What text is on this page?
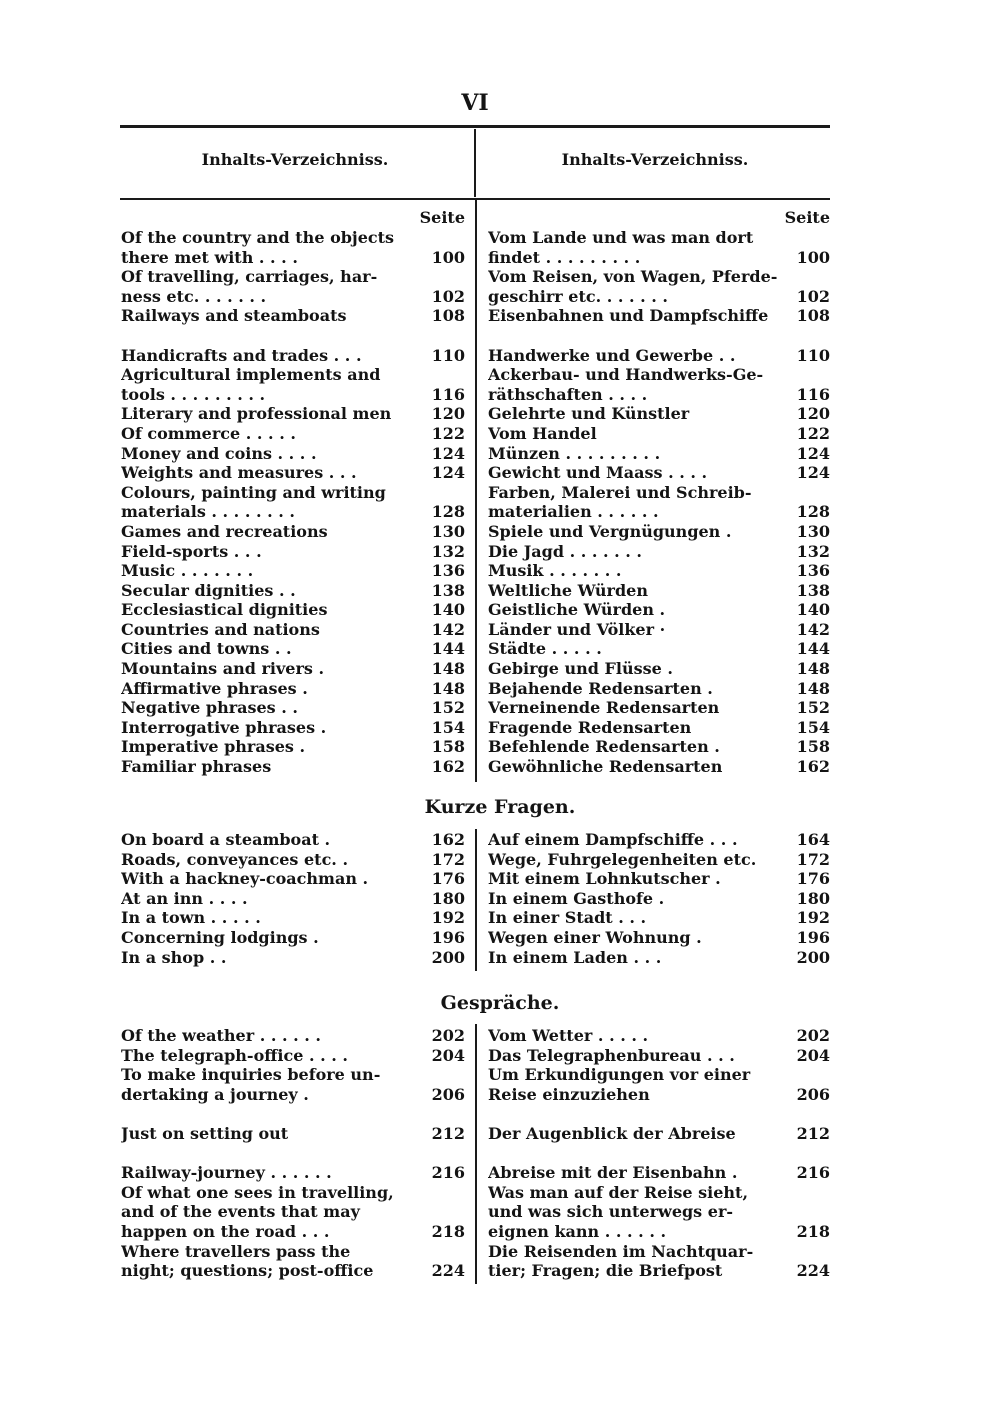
VI
Inhalts-Verzeichniss.	Inhalts-Verzeichniss.
Seite
Of the country and the objects
there met with . . . .	100
Of travelling, carriages, har-
ness etc. . . . . . .	102
Railways and steamboats	108
Handicrafts and trades . . .	110
Agricultural implements and
tools . . . . . . . . .	116
Literary and professional men	120
Of commerce . . . . .	122
Money and coins . . . .	124
Weights and measures . . .	124
Colours, painting and writing
materials . . . . . . . .	128
Games and recreations	130
Field-sports . . .	132
Music . . . . . . .	136
Secular dignities . .	138
Ecclesiastical dignities	140
Countries and nations	142
Cities and towns . .	144
Mountains and rivers .	148
Affirmative phrases .	148
Negative phrases . .	152
Interrogative phrases .	154
Imperative phrases .	158
Familiar phrases	162
Seite
Vom Lande und was man dort
findet . . . . . . . . .	100
Vom Reisen, von Wagen, Pferde-
geschirr etc. . . . . . .	102
Eisenbahnen und Dampfschiffe	108
Handwerke und Gewerbe . .	110
Ackerbau- und Handwerks-Ge-
räthschaften . . . .	116
Gelehrte und Künstler	120
Vom Handel	122
Münzen . . . . . . . . .	124
Gewicht und Maass . . . .	124
Farben, Malerei und Schreib-
materialien . . . . . .	128
Spiele und Vergnügungen .	130
Die Jagd . . . . . . .	132
Musik . . . . . . .	136
Weltliche Würden	138
Geistliche Würden .	140
Länder und Völker ·	142
Städte . . . . .	144
Gebirge und Flüsse .	148
Bejahende Redensarten .	148
Verneinende Redensarten	152
Fragende Redensarten	154
Befehlende Redensarten .	158
Gewöhnliche Redensarten	162
Kurze Fragen.
On board a steamboat .	162
Roads, conveyances etc. .	172
With a hackney-coachman .	176
At an inn . . . .	180
In a town . . . . .	192
Concerning lodgings .	196
In a shop . .	200
Auf einem Dampfschiffe . . .	164
Wege, Fuhrgelegenheiten etc.	172
Mit einem Lohnkutscher .	176
In einem Gasthofe .	180
In einer Stadt . . .	192
Wegen einer Wohnung .	196
In einem Laden . . .	200
Gespräche.
Of the weather . . . . . .	202
The telegraph-office . . . .	204
To make inquiries before un-
dertaking a journey .	206
Just on setting out	212
Railway-journey . . . . . .	216
Of what one sees in travelling,
and of the events that may
happen on the road . . .	218
Where travellers pass the
night; questions; post-office	224
Vom Wetter . . . . .	202
Das Telegraphenbureau . . .	204
Um Erkundigungen vor einer
Reise einzuziehen	206
Der Augenblick der Abreise	212
Abreise mit der Eisenbahn .	216
Was man auf der Reise sieht,
und was sich unterwegs er-
eignen kann . . . . . .	218
Die Reisenden im Nachtquar-
tier; Fragen; die Briefpost	224
